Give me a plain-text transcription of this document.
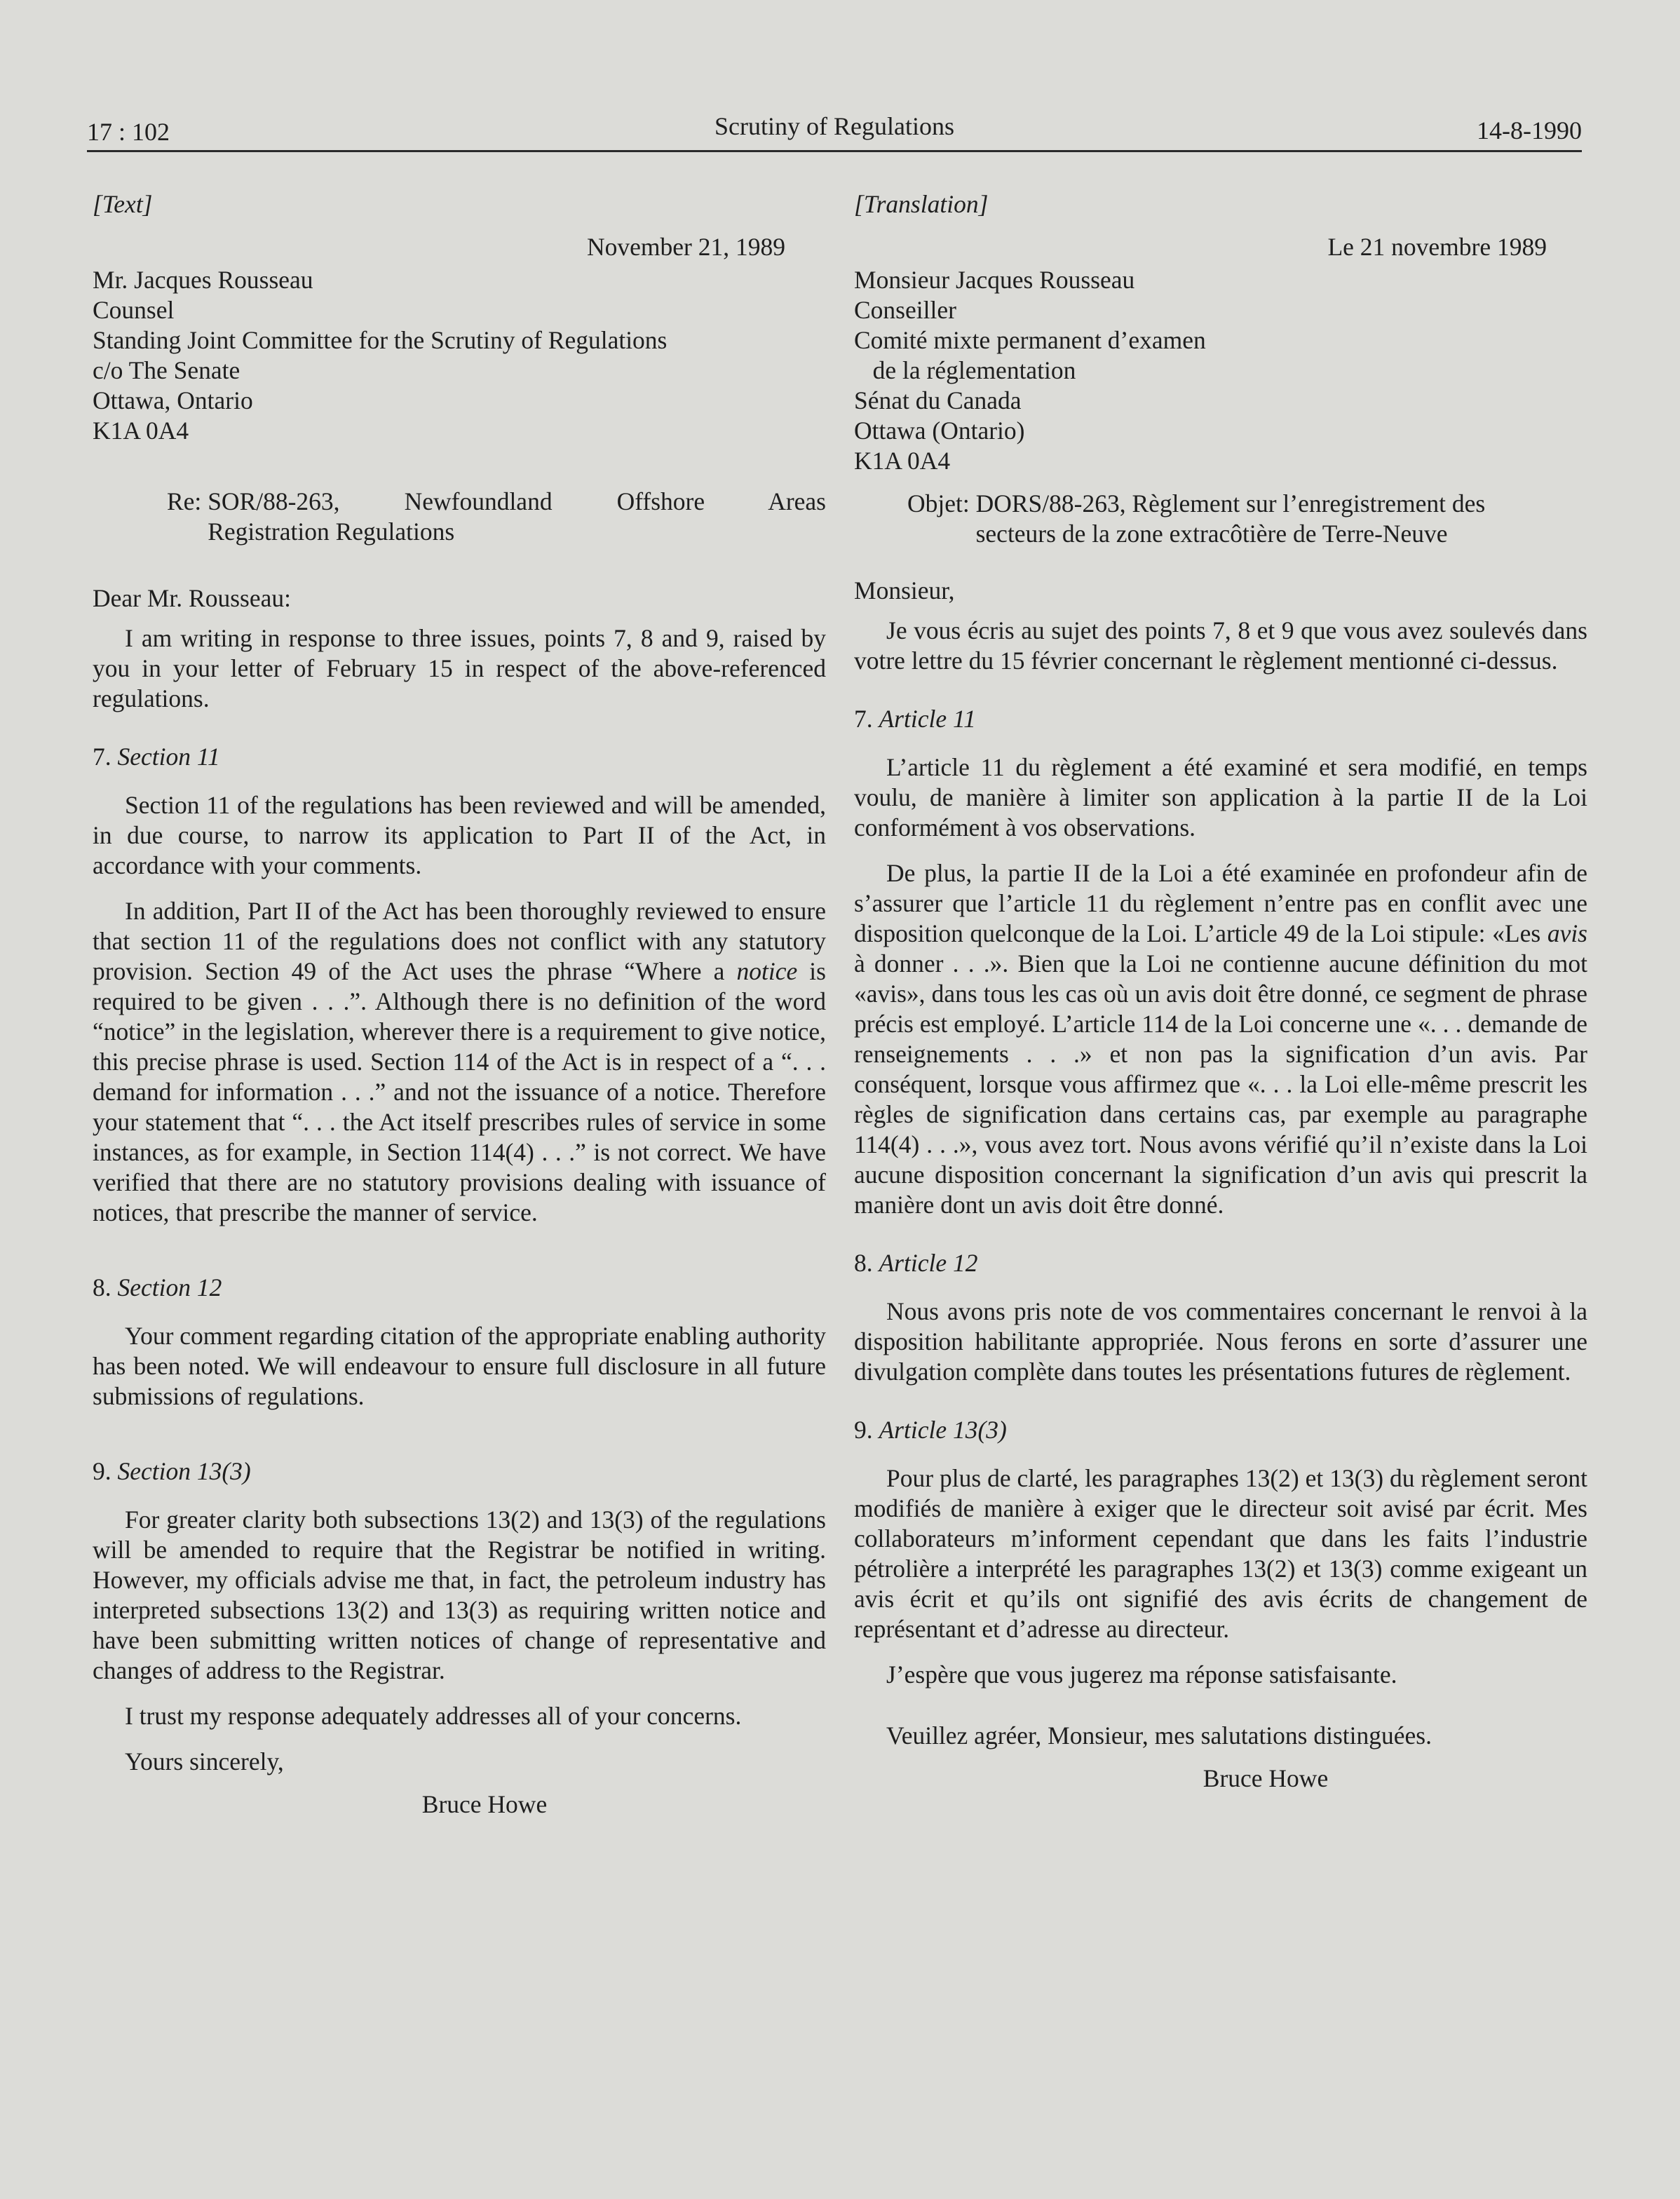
17 : 102	Scrutiny of Regulations	14-8-1990

[Text]

November 21, 1989

Mr. Jacques Rousseau

Counsel

Standing Joint Committee for the Scrutiny of Regulations

c/o The Senate

Ottawa, Ontario

K1A 0A4

Re: SOR/88-263, Newfoundland Offshore Areas

Registration Regulations

Dear Mr. Rousseau:

I am writing in response to three issues, points 7, 8 and 9, raised by you in your letter of February 15 in respect of the above-referenced regulations.

7. Section 11

Section 11 of the regulations has been reviewed and will be amended, in due course, to narrow its application to Part II of the Act, in accordance with your comments.

In addition, Part II of the Act has been thoroughly reviewed to ensure that section 11 of the regulations does not conflict with any statutory provision. Section 49 of the Act uses the phrase “Where a notice is required to be given . . .”. Although there is no definition of the word “notice” in the legislation, wherever there is a requirement to give notice, this precise phrase is used. Section 114 of the Act is in respect of a “. . . demand for information . . .” and not the issuance of a notice. Therefore your statement that “. . . the Act itself prescribes rules of service in some instances, as for example, in Section 114(4) . . .” is not correct. We have verified that there are no statutory provisions dealing with issuance of notices, that prescribe the manner of service.

8. Section 12

Your comment regarding citation of the appropriate enabling authority has been noted. We will endeavour to ensure full disclosure in all future submissions of regulations.

9. Section 13(3)

For greater clarity both subsections 13(2) and 13(3) of the regulations will be amended to require that the Registrar be notified in writing. However, my officials advise me that, in fact, the petroleum industry has interpreted subsections 13(2) and 13(3) as requiring written notice and have been submitting written notices of change of representative and changes of address to the Registrar.

I trust my response adequately addresses all of your concerns.

Yours sincerely,

Bruce Howe

[Translation]

Le 21 novembre 1989

Monsieur Jacques Rousseau

Conseiller

Comité mixte permanent d’examen

de la réglementation

Sénat du Canada

Ottawa (Ontario)

K1A 0A4

Objet: DORS/88-263, Règlement sur l’enregistrement des

secteurs de la zone extracôtière de Terre-Neuve

Monsieur,

Je vous écris au sujet des points 7, 8 et 9 que vous avez soulevés dans votre lettre du 15 février concernant le règlement mentionné ci-dessus.

7. Article 11

L’article 11 du règlement a été examiné et sera modifié, en temps voulu, de manière à limiter son application à la partie II de la Loi conformément à vos observations.

De plus, la partie II de la Loi a été examinée en profondeur afin de s’assurer que l’article 11 du règlement n’entre pas en conflit avec une disposition quelconque de la Loi. L’article 49 de la Loi stipule: «Les avis à donner . . .». Bien que la Loi ne contienne aucune définition du mot «avis», dans tous les cas où un avis doit être donné, ce segment de phrase précis est employé. L’article 114 de la Loi concerne une «. . . demande de renseignements . . .» et non pas la signification d’un avis. Par conséquent, lorsque vous affirmez que «. . . la Loi elle-même prescrit les règles de signification dans certains cas, par exemple au paragraphe 114(4) . . .», vous avez tort. Nous avons vérifié qu’il n’existe dans la Loi aucune disposition concernant la signification d’un avis qui prescrit la manière dont un avis doit être donné.

8. Article 12

Nous avons pris note de vos commentaires concernant le renvoi à la disposition habilitante appropriée. Nous ferons en sorte d’assurer une divulgation complète dans toutes les présentations futures de règlement.

9. Article 13(3)

Pour plus de clarté, les paragraphes 13(2) et 13(3) du règlement seront modifiés de manière à exiger que le directeur soit avisé par écrit. Mes collaborateurs m’informent cependant que dans les faits l’industrie pétrolière a interprété les paragraphes 13(2) et 13(3) comme exigeant un avis écrit et qu’ils ont signifié des avis écrits de changement de représentant et d’adresse au directeur.

J’espère que vous jugerez ma réponse satisfaisante.

Veuillez agréer, Monsieur, mes salutations distinguées.

Bruce Howe
